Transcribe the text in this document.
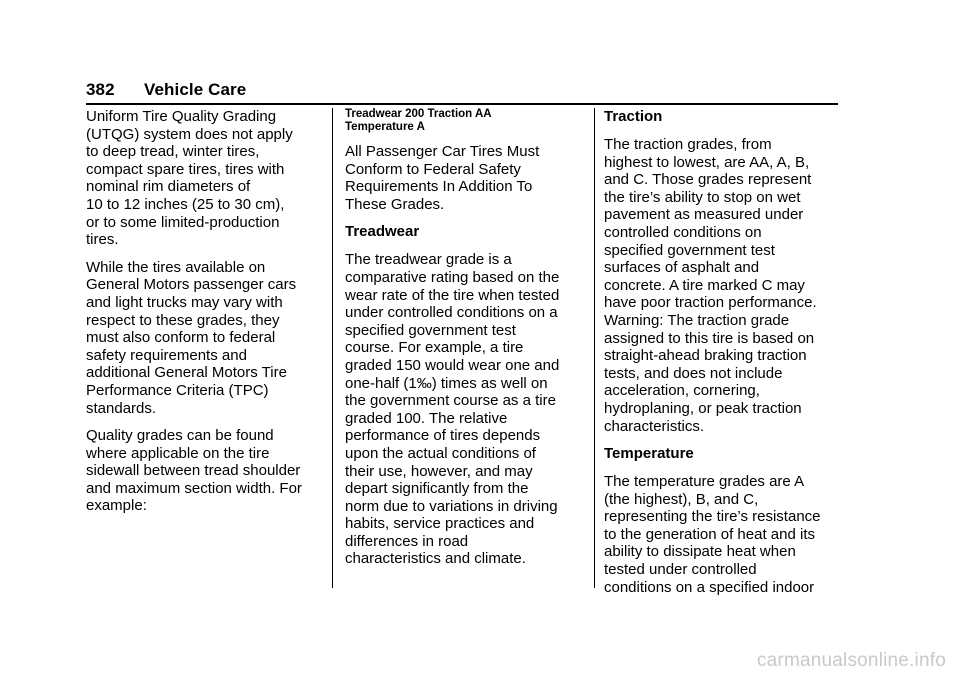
382 Vehicle Care

Uniform Tire Quality Grading
(UTQG) system does not apply
to deep tread, winter tires,
compact spare tires, tires with
nominal rim diameters of
10 to 12 inches (25 to 30 cm),
or to some limited-production
tires.

While the tires available on
General Motors passenger cars
and light trucks may vary with
respect to these grades, they
must also conform to federal
safety requirements and
additional General Motors Tire
Performance Criteria (TPC)
standards.

Quality grades can be found
where applicable on the tire
sidewall between tread shoulder
and maximum section width. For
example:

Treadwear 200 Traction AA
Temperature A

All Passenger Car Tires Must
Conform to Federal Safety
Requirements In Addition To
These Grades.

Treadwear

The treadwear grade is a
comparative rating based on the
wear rate of the tire when tested
under controlled conditions on a
specified government test
course. For example, a tire
graded 150 would wear one and
one-half (1‰) times as well on
the government course as a tire
graded 100. The relative
performance of tires depends
upon the actual conditions of
their use, however, and may
depart significantly from the
norm due to variations in driving
habits, service practices and
differences in road
characteristics and climate.

Traction

The traction grades, from
highest to lowest, are AA, A, B,
and C. Those grades represent
the tire’s ability to stop on wet
pavement as measured under
controlled conditions on
specified government test
surfaces of asphalt and
concrete. A tire marked C may
have poor traction performance.
Warning: The traction grade
assigned to this tire is based on
straight-ahead braking traction
tests, and does not include
acceleration, cornering,
hydroplaning, or peak traction
characteristics.

Temperature

The temperature grades are A
(the highest), B, and C,
representing the tire’s resistance
to the generation of heat and its
ability to dissipate heat when
tested under controlled
conditions on a specified indoor

carmanualsonline.info
